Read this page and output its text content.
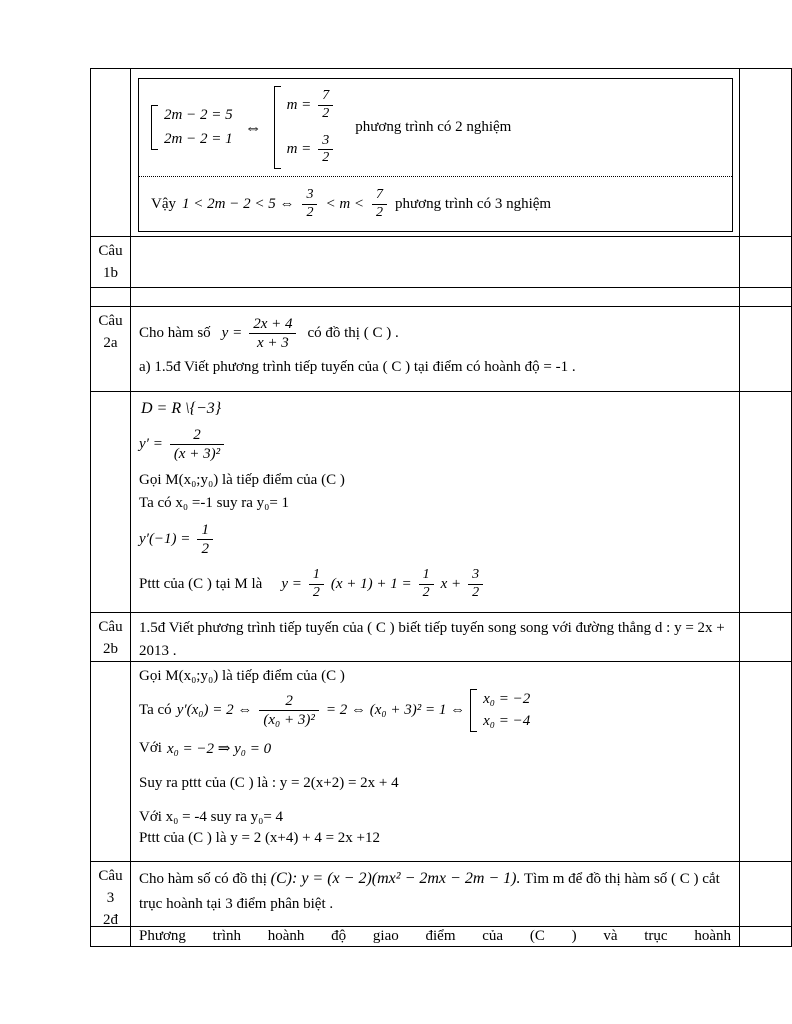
2m − 2 = 5
2m − 2 = 1
⇔
$m = \frac{7}{2}$
$m = \frac{3}{2}$
phương trình có 2 nghiệm
Vậy 1 < 2m − 2 < 5 ⇔ $\frac{3}{2} < m < \frac{7}{2}$ phương trình có 3 nghiệm
Câu
1b
Câu
2a
Cho hàm số $y = \frac{2x + 4}{x + 3}$ có đồ thị ( C ) .
a) 1.5đ Viết phương trình tiếp tuyến của ( C ) tại điểm có hoành độ = -1 .
D = R \{−3}
$y' = \frac{2}{\text{(x + 3)²}}$
Gọi M(x₀;y₀) là tiếp điểm của (C )
Ta có x₀ =-1 suy ra y₀= 1
$y'(-1) = \frac{1}{2}$
Pttt của (C ) tại M là $y = \frac{1}{2} (x + 1) + 1 = \frac{1}{2}$ $x + \frac{3}{2}$
Câu
2b
1.5đ Viết phương trình tiếp tuyến của ( C ) biết tiếp tuyến song song với đường thẳng d : y = 2x + 2013 .
Gọi M(x₀;y₀) là tiếp điểm của (C )
Ta có y′(x₀) = 2 ⇔ $\frac{2}{\text{(x₀ + 3)²}} = 2$ ⇔ (x₀ + 3)² = 1 ⇔
x₀ = −2
x₀ = −4
Với x₀ = −2 ⇒ y₀ = 0
Suy ra pttt của (C ) là : y = 2(x+2) = 2x + 4
Với x₀ = -4 suy ra y₀= 4
Pttt của (C ) là y = 2 (x+4) + 4 = 2x +12
Câu
3
2đ
Cho hàm số có đồ thị (C): y = (x − 2)(mx² − 2mx − 2m − 1). Tìm m để đồ thị hàm số ( C ) cắt trục hoành tại 3 điểm phân biệt .
Phương trình hoành độ giao điểm của (C ) và trục hoành
